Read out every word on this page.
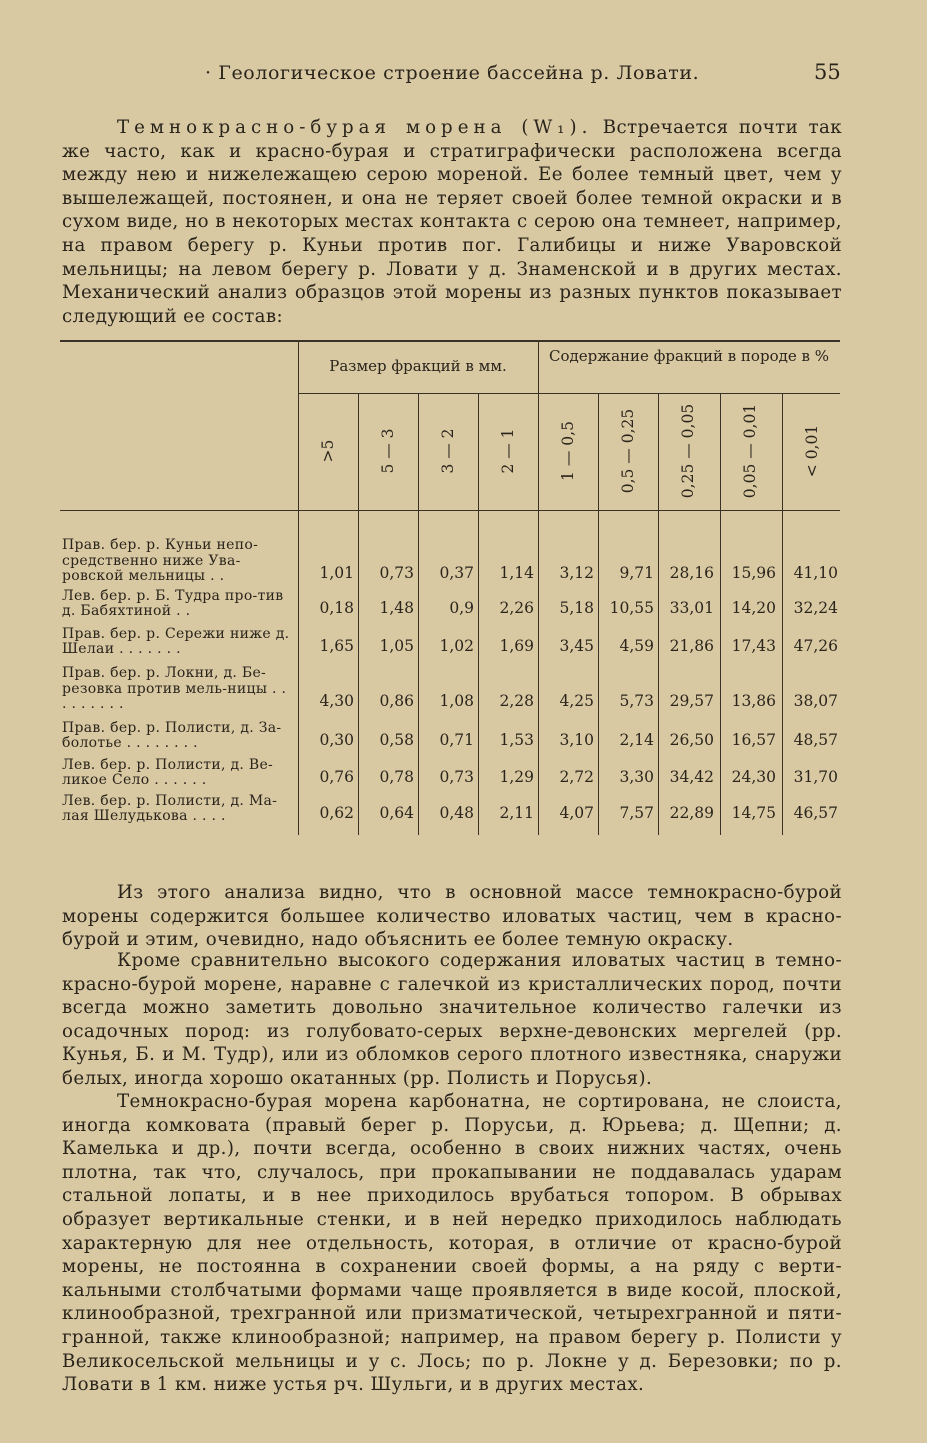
· Геологическое строение бассейна р. Ловати.	55

Темнокрасно-бурая морена (W₁). Встречается почти так же часто, как и красно-бурая и стратиграфически расположена всегда между нею и нижележащею серою мореной. Ее более темный цвет, чем у вышележащей, постоянен, и она не теряет своей более темной окраски и в сухом виде, но в некоторых местах контакта с серою она темнеет, например, на правом берегу р. Куньи против пог. Галибицы и ниже Уваровской мельницы; на левом берегу р. Ловати у д. Знаменской и в других местах. Механический анализ образцов этой морены из разных пунктов показывает следующий ее состав:

Размер фракций в мм.
Содержание фракций в породе в %
>5	5 — 3	3 — 2	2 — 1	1 — 0,5	0,5 — 0,25	0,25 — 0,05	0,05 — 0,01	< 0,01
Прав. бер. р. Куньи непо-средственно ниже Ува-ровской мельницы . .	1,01	0,73	0,37	1,14	3,12	9,71	28,16	15,96	41,10
Лев. бер. р. Б. Тудра про-тив д. Бабяхтиной . .	0,18	1,48	0,9	2,26	5,18	10,55	33,01	14,20	32,24
Прав. бер. р. Сережи ниже д. Шелаи . . . . . . .	1,65	1,05	1,02	1,69	3,45	4,59	21,86	17,43	47,26
Прав. бер. р. Локни, д. Бе-резовка против мель-ницы . . . . . . . . .	4,30	0,86	1,08	2,28	4,25	5,73	29,57	13,86	38,07
Прав. бер. р. Полисти, д. За-болотье . . . . . . . .	0,30	0,58	0,71	1,53	3,10	2,14	26,50	16,57	48,57
Лев. бер. р. Полисти, д. Ве-ликое Село . . . . . .	0,76	0,78	0,73	1,29	2,72	3,30	34,42	24,30	31,70
Лев. бер. р. Полисти, д. Ма-лая Шелудькова . . . .	0,62	0,64	0,48	2,11	4,07	7,57	22,89	14,75	46,57

Из этого анализа видно, что в основной массе темнокрасно-бурой морены содержится большее количество иловатых частиц, чем в красно-бурой и этим, очевидно, надо объяснить ее более темную окраску.

Кроме сравнительно высокого содержания иловатых частиц в темно-красно-бурой морене, наравне с галечкой из кристаллических пород, почти всегда можно заметить довольно значительное количество галечки из осадочных пород: из голубовато-серых верхне-девонских мергелей (рр. Кунья, Б. и М. Тудр), или из обломков серого плотного известняка, снаружи белых, иногда хорошо окатанных (рр. Полисть и Порусья).

Темнокрасно-бурая морена карбонатна, не сортирована, не слоиста, иногда комковата (правый берег р. Порусьи, д. Юрьева; д. Щепни; д. Камелька и др.), почти всегда, особенно в своих нижних частях, очень плотна, так что, случалось, при прокапывании не поддавалась ударам стальной лопаты, и в нее приходилось врубаться топором. В обрывах образует вертикальные стенки, и в ней нередко приходилось наблюдать характерную для нее отдельность, которая, в отличие от красно-бурой морены, не постоянна в сохранении своей формы, а на ряду с верти-кальными столбчатыми формами чаще проявляется в виде косой, плоской, клинообразной, трехгранной или призматической, четырехгранной и пяти-гранной, также клинообразной; например, на правом берегу р. Полисти у Великосельской мельницы и у с. Лось; по р. Локне у д. Березовки; по р. Ловати в 1 км. ниже устья рч. Шульги, и в других местах.
